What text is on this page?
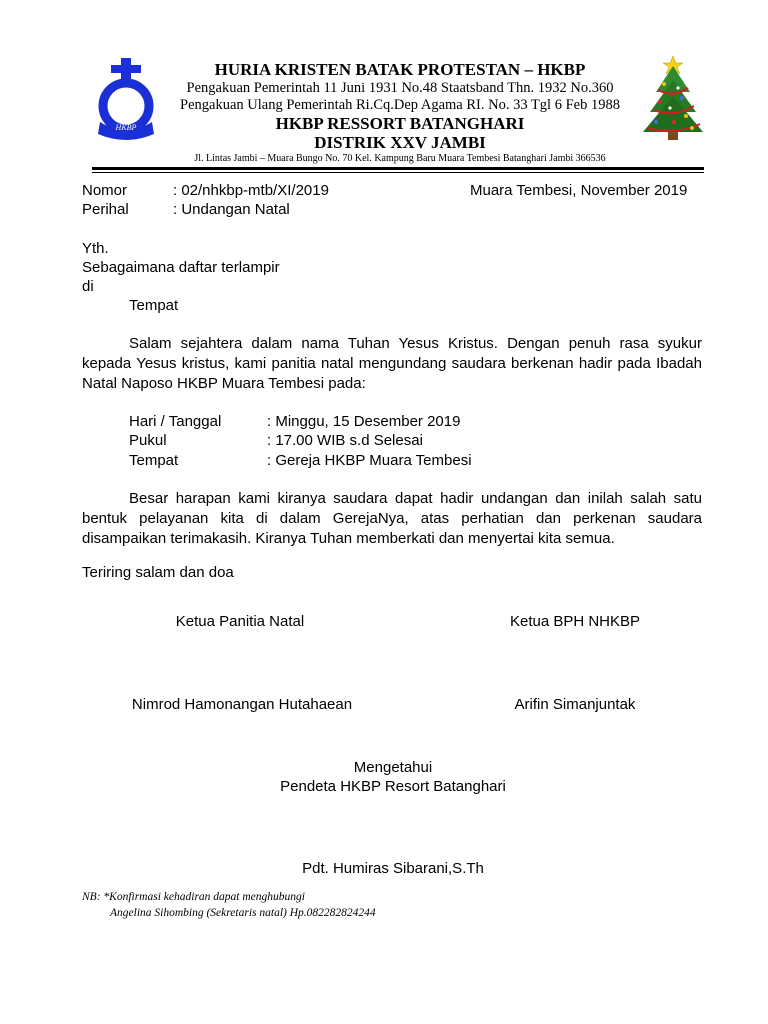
HKBP
HURIA KRISTEN BATAK PROTESTAN – HKBP
Pengakuan Pemerintah 11 Juni 1931 No.48 Staatsband Thn. 1932 No.360
Pengakuan Ulang Pemerintah Ri.Cq.Dep Agama RI. No. 33 Tgl 6 Feb 1988
HKBP RESSORT BATANGHARI
DISTRIK XXV JAMBI
Jl. Lintas Jambi – Muara Bungo No. 70 Kel. Kampung Baru Muara Tembesi Batanghari Jambi 366536
Nomor	: 02/nhkbp-mtb/XI/2019	Muara Tembesi, November 2019
Perihal	: Undangan Natal
Yth.
Sebagaimana daftar terlampir
di
Tempat
Salam sejahtera dalam nama Tuhan Yesus Kristus. Dengan penuh rasa syukur kepada Yesus kristus, kami panitia natal mengundang saudara berkenan hadir pada Ibadah Natal Naposo HKBP Muara Tembesi pada:
Hari / Tanggal	: Minggu, 15 Desember 2019
Pukul	: 17.00 WIB s.d Selesai
Tempat	: Gereja HKBP Muara Tembesi
Besar harapan kami kiranya saudara dapat hadir undangan dan inilah salah satu bentuk pelayanan kita di dalam GerejaNya, atas perhatian dan perkenan saudara disampaikan terimakasih. Kiranya Tuhan memberkati dan menyertai kita semua.
Teriring salam dan doa
Ketua Panitia Natal	Ketua BPH NHKBP
Nimrod Hamonangan Hutahaean	Arifin Simanjuntak
Mengetahui
Pendeta HKBP Resort Batanghari
Pdt. Humiras Sibarani,S.Th
NB: *Konfirmasi kehadiran dapat menghubungi
Angelina Sihombing (Sekretaris natal) Hp.082282824244
